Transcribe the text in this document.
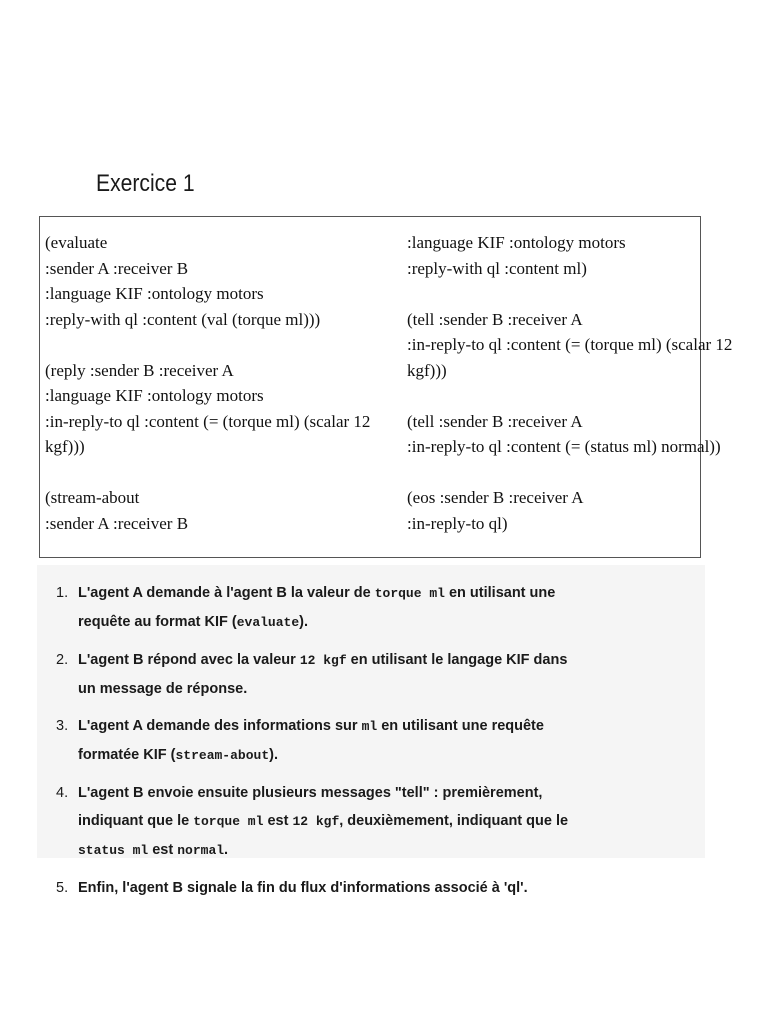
Exercice 1
(evaluate
:sender A :receiver B
:language KIF :ontology motors
:reply-with ql :content (val (torque ml)))
(reply :sender B :receiver A
:language KIF :ontology motors
:in-reply-to ql :content (= (torque ml) (scalar 12
kgf)))
(stream-about
:sender A :receiver B
:language KIF :ontology motors
:reply-with ql :content ml)
(tell :sender B :receiver A
:in-reply-to ql :content (= (torque ml) (scalar 12
kgf)))
(tell :sender B :receiver A
:in-reply-to ql :content (= (status ml) normal))
(eos :sender B :receiver A
:in-reply-to ql)
1. L'agent A demande à l'agent B la valeur de torque ml en utilisant une requête au format KIF (evaluate).
2. L'agent B répond avec la valeur 12 kgf en utilisant le langage KIF dans un message de réponse.
3. L'agent A demande des informations sur ml en utilisant une requête formatée KIF (stream-about).
4. L'agent B envoie ensuite plusieurs messages "tell" : premièrement, indiquant que le torque ml est 12 kgf, deuxièmement, indiquant que le status ml est normal.
5. Enfin, l'agent B signale la fin du flux d'informations associé à 'ql'.
